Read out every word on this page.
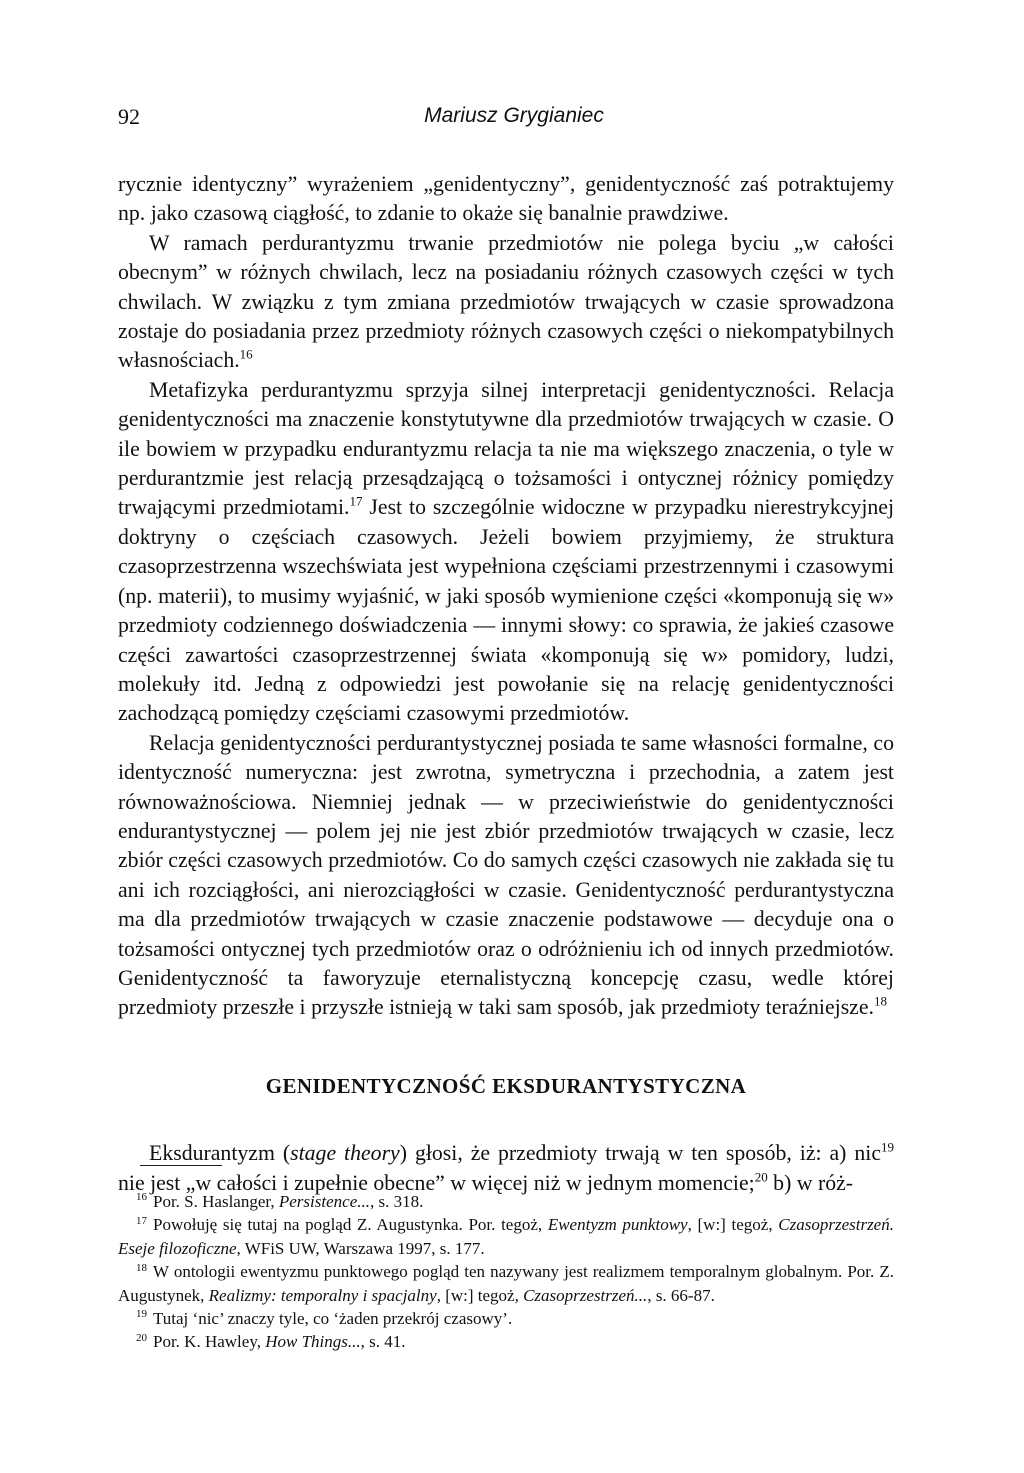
92	Mariusz Grygianiec

rycznie identyczny” wyrażeniem „genidentyczny”, genidentyczność zaś potraktujemy np. jako czasową ciągłość, to zdanie to okaże się banalnie prawdziwe.

W ramach perdurantyzmu trwanie przedmiotów nie polega byciu „w całości obecnym” w różnych chwilach, lecz na posiadaniu różnych czasowych części w tych chwilach. W związku z tym zmiana przedmiotów trwających w czasie sprowadzona zostaje do posiadania przez przedmioty różnych czasowych części o niekompatybilnych własnościach.$^{16}$

Metafizyka perdurantyzmu sprzyja silnej interpretacji genidentyczności. Relacja genidentyczności ma znaczenie konstytutywne dla przedmiotów trwających w czasie. O ile bowiem w przypadku endurantyzmu relacja ta nie ma większego znaczenia, o tyle w perdurantzmie jest relacją przesądzającą o tożsamości i ontycznej różnicy pomiędzy trwającymi przedmiotami.$^{17}$ Jest to szczególnie widoczne w przypadku nierestrykcyjnej doktryny o częściach czasowych. Jeżeli bowiem przyjmiemy, że struktura czasoprzestrzenna wszechświata jest wypełniona częściami przestrzennymi i czasowymi (np. materii), to musimy wyjaśnić, w jaki sposób wymienione części «komponują się w» przedmioty codziennego doświadczenia — innymi słowy: co sprawia, że jakieś czasowe części zawartości czasoprzestrzennej świata «komponują się w» pomidory, ludzi, molekuły itd. Jedną z odpowiedzi jest powołanie się na relację genidentyczności zachodzącą pomiędzy częściami czasowymi przedmiotów.

Relacja genidentyczności perdurantystycznej posiada te same własności formalne, co identyczność numeryczna: jest zwrotna, symetryczna i przechodnia, a zatem jest równoważnościowa. Niemniej jednak — w przeciwieństwie do genidentyczności endurantystycznej — polem jej nie jest zbiór przedmiotów trwających w czasie, lecz zbiór części czasowych przedmiotów. Co do samych części czasowych nie zakłada się tu ani ich rozciągłości, ani nierozciągłości w czasie. Genidentyczność perdurantystyczna ma dla przedmiotów trwających w czasie znaczenie podstawowe — decyduje ona o tożsamości ontycznej tych przedmiotów oraz o odróżnieniu ich od innych przedmiotów. Genidentyczność ta faworyzuje eternalistyczną koncepcję czasu, wedle której przedmioty przeszłe i przyszłe istnieją w taki sam sposób, jak przedmioty teraźniejsze.$^{18}$

GENIDENTYCZNOŚĆ EKSDURANTYSTYCZNA

Eksdurantyzm (stage theory) głosi, że przedmioty trwają w ten sposób, iż: a) nic$^{19}$ nie jest „w całości i zupełnie obecne” w więcej niż w jednym momencie;$^{20}$ b) w róż-

$^{16}$ Por. S. Haslanger, Persistence..., s. 318.

$^{17}$ Powołuję się tutaj na pogląd Z. Augustynka. Por. tegoż, Ewentyzm punktowy, [w:] tegoż, Czasoprzestrzeń. Eseje filozoficzne, WFiS UW, Warszawa 1997, s. 177.

$^{18}$ W ontologii ewentyzmu punktowego pogląd ten nazywany jest realizmem temporalnym globalnym. Por. Z. Augustynek, Realizmy: temporalny i spacjalny, [w:] tegoż, Czasoprzestrzeń..., s. 66-87.

$^{19}$ Tutaj ‘nic’ znaczy tyle, co ‘żaden przekrój czasowy’.

$^{20}$ Por. K. Hawley, How Things..., s. 41.
